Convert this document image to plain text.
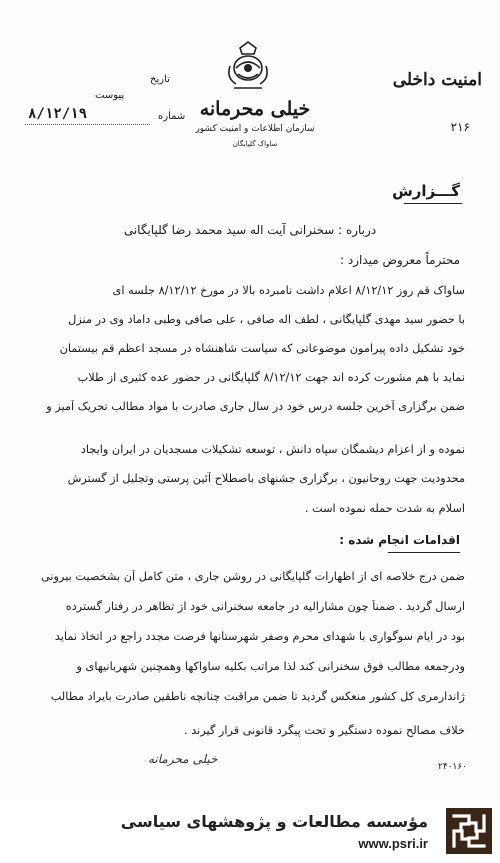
امنیت داخلی
۲۱۶
خیلی محرمانه
سازمان اطلاعات و امنیت کشور
ساواک گلپایگان
تاریخ
شماره
پیوست
۸/۱۲/۱۹
گـــزارش
درباره : سخنرانی آیت اله سید محمد رضا گلپایگانی
محترماً معروض میدارد :
ساواک قم روز ۸/۱۲/۱۲ اعلام داشت نامبرده بالا در مورخ ۸/۱۲/۱۲ جلسه ای
با حضور سید مهدی گلپایگانی ، لطف اله صافی ، علی صافی وطبی داماد وی در منزل
خود تشکیل داده پیرامون موضوعاتی که سیاست شاهنشاه در مسجد اعظم قم بیستمان
نماید با هم مشورت کرده اند جهت ۸/۱۲/۱۲ گلپایگانی در حضور عده کثیری از طلاب
ضمن برگزاری آخرین جلسه درس خود در سال جاری صادرت با مواد مطالب تحریک آمیز و
نموده و از اعزام دیشمگان سپاه دانش ، توسعه تشکیلات مسجدیان در ایران وایجاد
محدودیت جهت روحانیون ، برگزاری جشنهای باصطلاح آئین پرستی وتجلیل از گسترش
اسلام به شدت حمله نموده است .
اقدامات انجام شده :
ضمن درج خلاصه ای از اظهارات گلپایگانی در روشن جاری ، متن کامل آن بشخصیت بیرونی
ارسال گردید . ضمناً چون مشارالیه در جامعه سخنرانی خود از تظاهر در رفتار گسترده
بود در ایام سوگواری با شهدای محرم وصفر شهرستانها فرصت مجدد راجع در اتخاذ نماید
ودرجمعه مطالب فوق سخنرانی کند لذا مراتب بکلیه ساواکها وهمچنین شهربانیهای و
ژاندارمری کل کشور منعکس گردید تا ضمن مراقبت چنانچه ناطقین صادرت بایراد مطالب
خلاف مصالح نموده دستگیر و تحت پیگرد قانونی قرار گیرند .
خیلی محرمانه
۲۴۰۱۶۰
مؤسسه مطالعات و پژوهشهای سیاسی
www.psri.ir
